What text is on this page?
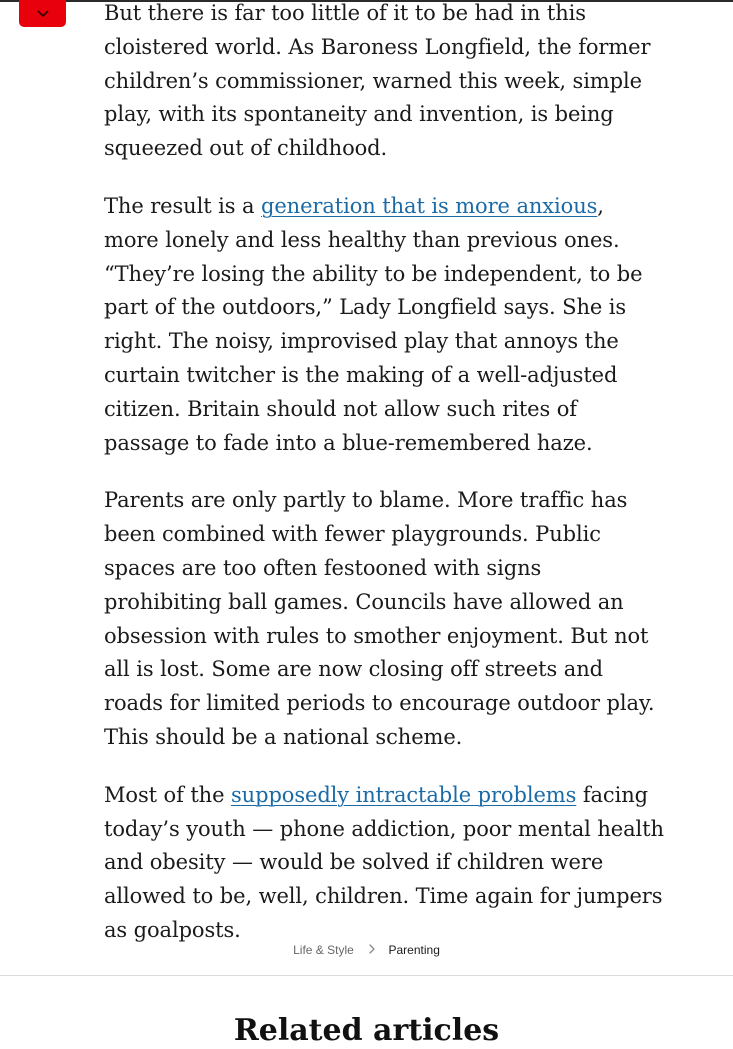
But there is far too little of it to be had in this cloistered world. As Baroness Longfield, the former children’s commissioner, warned this week, simple play, with its spontaneity and invention, is being squeezed out of childhood.

The result is a generation that is more anxious, more lonely and less healthy than previous ones. “They’re losing the ability to be independent, to be part of the outdoors,” Lady Longfield says. She is right. The noisy, improvised play that annoys the curtain twitcher is the making of a well-adjusted citizen. Britain should not allow such rites of passage to fade into a blue-remembered haze.

Parents are only partly to blame. More traffic has been combined with fewer playgrounds. Public spaces are too often festooned with signs prohibiting ball games. Councils have allowed an obsession with rules to smother enjoyment. But not all is lost. Some are now closing off streets and roads for limited periods to encourage outdoor play. This should be a national scheme.

Most of the supposedly intractable problems facing today’s youth — phone addiction, poor mental health and obesity — would be solved if children were allowed to be, well, children. Time again for jumpers as goalposts.

Life & Style	Parenting
Related articles
